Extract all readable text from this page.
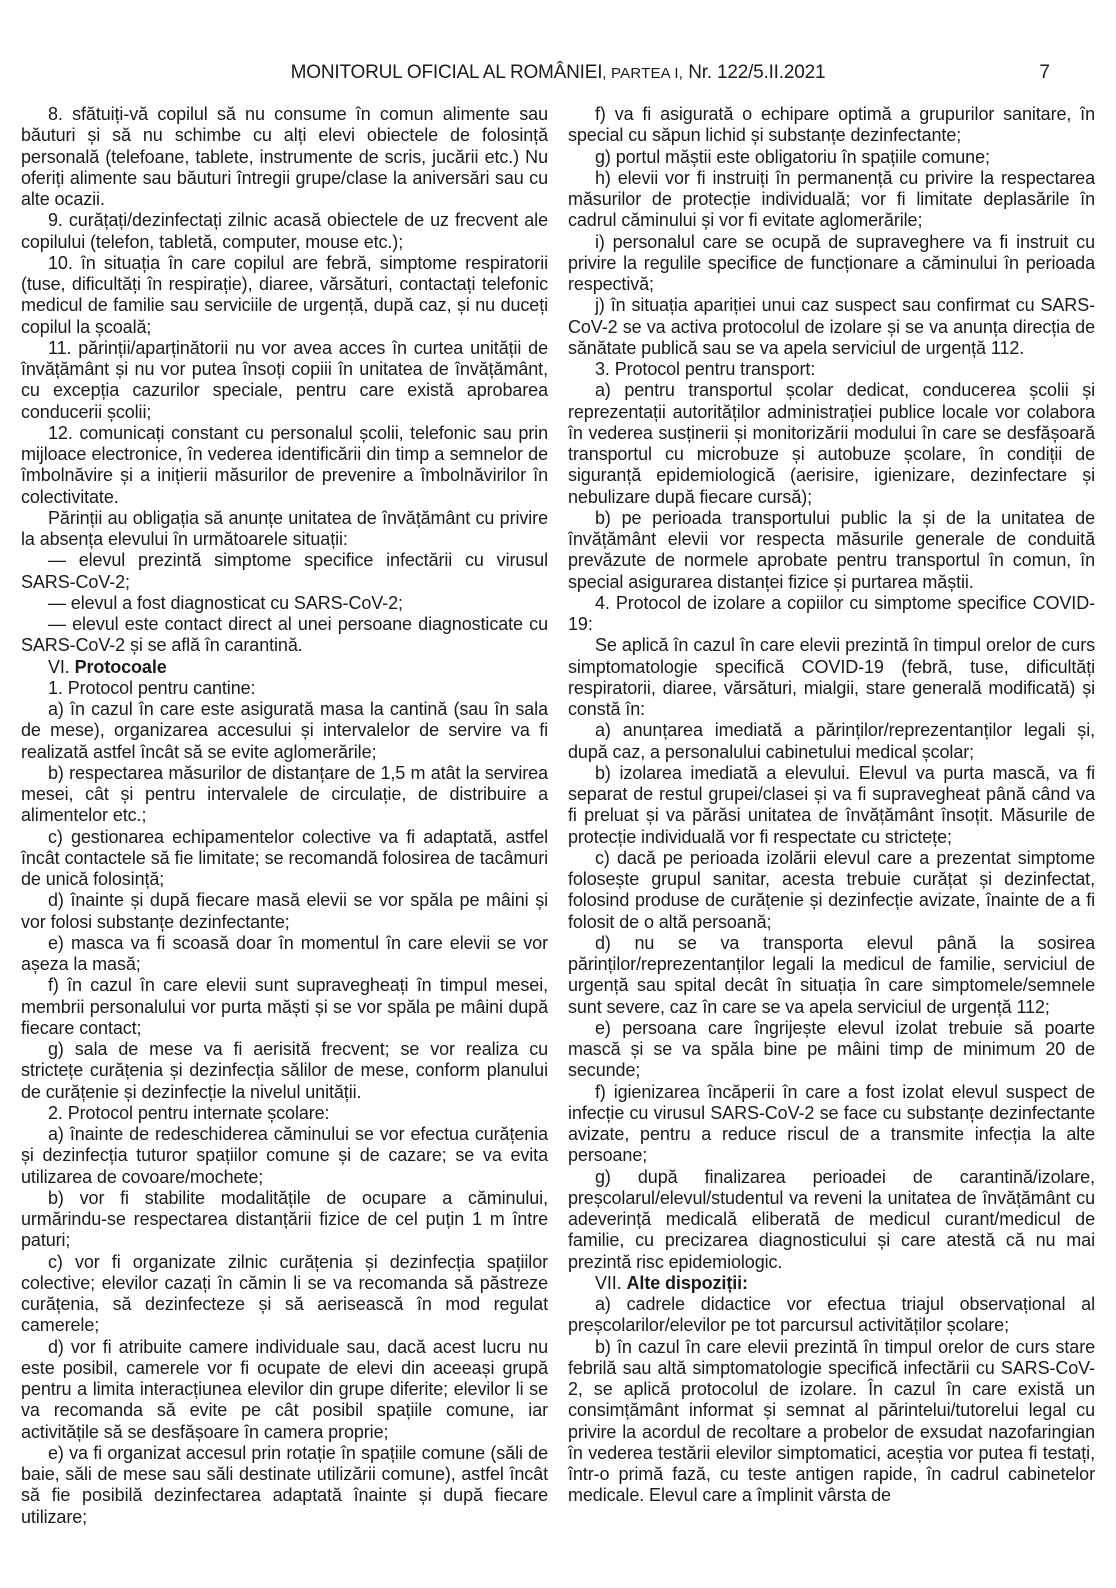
MONITORUL OFICIAL AL ROMÂNIEI, PARTEA I, Nr. 122/5.II.2021	7

8. sfătuiți-vă copilul să nu consume în comun alimente sau băuturi și să nu schimbe cu alți elevi obiectele de folosință personală (telefoane, tablete, instrumente de scris, jucării etc.) Nu oferiți alimente sau băuturi întregii grupe/clase la aniversări sau cu alte ocazii.

9. curățați/dezinfectați zilnic acasă obiectele de uz frecvent ale copilului (telefon, tabletă, computer, mouse etc.);

10. în situația în care copilul are febră, simptome respiratorii (tuse, dificultăți în respirație), diaree, vărsături, contactați telefonic medicul de familie sau serviciile de urgență, după caz, și nu duceți copilul la școală;

11. părinții/aparținătorii nu vor avea acces în curtea unității de învățământ și nu vor putea însoți copiii în unitatea de învățământ, cu excepția cazurilor speciale, pentru care există aprobarea conducerii școlii;

12. comunicați constant cu personalul școlii, telefonic sau prin mijloace electronice, în vederea identificării din timp a semnelor de îmbolnăvire și a inițierii măsurilor de prevenire a îmbolnăvirilor în colectivitate.

Părinții au obligația să anunțe unitatea de învățământ cu privire la absența elevului în următoarele situații:

— elevul prezintă simptome specifice infectării cu virusul SARS-CoV-2;

— elevul a fost diagnosticat cu SARS-CoV-2;

— elevul este contact direct al unei persoane diagnosticate cu SARS-CoV-2 și se află în carantină.

VI. Protocoale

1. Protocol pentru cantine:

a) în cazul în care este asigurată masa la cantină (sau în sala de mese), organizarea accesului și intervalelor de servire va fi realizată astfel încât să se evite aglomerările;

b) respectarea măsurilor de distanțare de 1,5 m atât la servirea mesei, cât și pentru intervalele de circulație, de distribuire a alimentelor etc.;

c) gestionarea echipamentelor colective va fi adaptată, astfel încât contactele să fie limitate; se recomandă folosirea de tacâmuri de unică folosință;

d) înainte și după fiecare masă elevii se vor spăla pe mâini și vor folosi substanțe dezinfectante;

e) masca va fi scoasă doar în momentul în care elevii se vor așeza la masă;

f) în cazul în care elevii sunt supravegheați în timpul mesei, membrii personalului vor purta măști și se vor spăla pe mâini după fiecare contact;

g) sala de mese va fi aerisită frecvent; se vor realiza cu strictețe curățenia și dezinfecția sălilor de mese, conform planului de curățenie și dezinfecție la nivelul unității.

2. Protocol pentru internate școlare:

a) înainte de redeschiderea căminului se vor efectua curățenia și dezinfecția tuturor spațiilor comune și de cazare; se va evita utilizarea de covoare/mochete;

b) vor fi stabilite modalitățile de ocupare a căminului, urmărindu-se respectarea distanțării fizice de cel puțin 1 m între paturi;

c) vor fi organizate zilnic curățenia și dezinfecția spațiilor colective; elevilor cazați în cămin li se va recomanda să păstreze curățenia, să dezinfecteze și să aerisească în mod regulat camerele;

d) vor fi atribuite camere individuale sau, dacă acest lucru nu este posibil, camerele vor fi ocupate de elevi din aceeași grupă pentru a limita interacțiunea elevilor din grupe diferite; elevilor li se va recomanda să evite pe cât posibil spațiile comune, iar activitățile să se desfășoare în camera proprie;

e) va fi organizat accesul prin rotație în spațiile comune (săli de baie, săli de mese sau săli destinate utilizării comune), astfel încât să fie posibilă dezinfectarea adaptată înainte și după fiecare utilizare;

f) va fi asigurată o echipare optimă a grupurilor sanitare, în special cu săpun lichid și substanțe dezinfectante;

g) portul măștii este obligatoriu în spațiile comune;

h) elevii vor fi instruiți în permanență cu privire la respectarea măsurilor de protecție individuală; vor fi limitate deplasările în cadrul căminului și vor fi evitate aglomerările;

i) personalul care se ocupă de supraveghere va fi instruit cu privire la regulile specifice de funcționare a căminului în perioada respectivă;

j) în situația apariției unui caz suspect sau confirmat cu SARS-CoV-2 se va activa protocolul de izolare și se va anunța direcția de sănătate publică sau se va apela serviciul de urgență 112.

3. Protocol pentru transport:

a) pentru transportul școlar dedicat, conducerea școlii și reprezentații autorităților administrației publice locale vor colabora în vederea susținerii și monitorizării modului în care se desfășoară transportul cu microbuze și autobuze școlare, în condiții de siguranță epidemiologică (aerisire, igienizare, dezinfectare și nebulizare după fiecare cursă);

b) pe perioada transportului public la și de la unitatea de învățământ elevii vor respecta măsurile generale de conduită prevăzute de normele aprobate pentru transportul în comun, în special asigurarea distanței fizice și purtarea măștii.

4. Protocol de izolare a copiilor cu simptome specifice COVID-19:

Se aplică în cazul în care elevii prezintă în timpul orelor de curs simptomatologie specifică COVID-19 (febră, tuse, dificultăți respiratorii, diaree, vărsături, mialgii, stare generală modificată) și constă în:

a) anunțarea imediată a părinților/reprezentanților legali și, după caz, a personalului cabinetului medical școlar;

b) izolarea imediată a elevului. Elevul va purta mască, va fi separat de restul grupei/clasei și va fi supravegheat până când va fi preluat și va părăsi unitatea de învățământ însoțit. Măsurile de protecție individuală vor fi respectate cu strictețe;

c) dacă pe perioada izolării elevul care a prezentat simptome folosește grupul sanitar, acesta trebuie curățat și dezinfectat, folosind produse de curățenie și dezinfecție avizate, înainte de a fi folosit de o altă persoană;

d) nu se va transporta elevul până la sosirea părinților/reprezentanților legali la medicul de familie, serviciul de urgență sau spital decât în situația în care simptomele/semnele sunt severe, caz în care se va apela serviciul de urgență 112;

e) persoana care îngrijește elevul izolat trebuie să poarte mască și se va spăla bine pe mâini timp de minimum 20 de secunde;

f) igienizarea încăperii în care a fost izolat elevul suspect de infecție cu virusul SARS-CoV-2 se face cu substanțe dezinfectante avizate, pentru a reduce riscul de a transmite infecția la alte persoane;

g) după finalizarea perioadei de carantină/izolare, preșcolarul/elevul/studentul va reveni la unitatea de învățământ cu adeverință medicală eliberată de medicul curant/medicul de familie, cu precizarea diagnosticului și care atestă că nu mai prezintă risc epidemiologic.

VII. Alte dispoziții:

a) cadrele didactice vor efectua triajul observațional al preșcolarilor/elevilor pe tot parcursul activităților școlare;

b) în cazul în care elevii prezintă în timpul orelor de curs stare febrilă sau altă simptomatologie specifică infectării cu SARS-CoV-2, se aplică protocolul de izolare. În cazul în care există un consimțământ informat și semnat al părintelui/tutorelui legal cu privire la acordul de recoltare a probelor de exsudat nazofaringian în vederea testării elevilor simptomatici, aceștia vor putea fi testați, într-o primă fază, cu teste antigen rapide, în cadrul cabinetelor medicale. Elevul care a împlinit vârsta de
